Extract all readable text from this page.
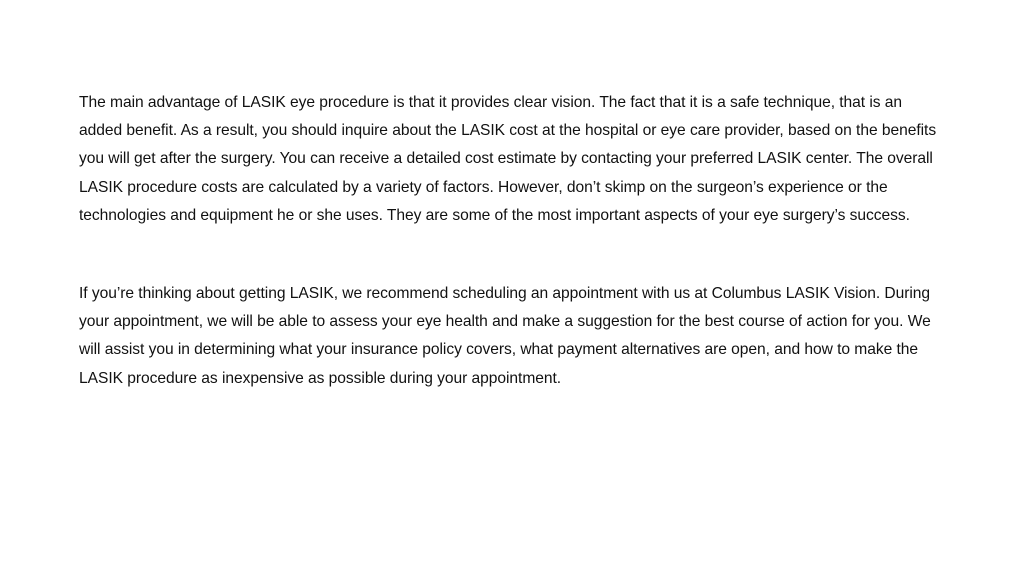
The main advantage of LASIK eye procedure is that it provides clear vision. The fact that it is a safe technique, that is an added benefit. As a result, you should inquire about the LASIK cost at the hospital or eye care provider, based on the benefits you will get after the surgery. You can receive a detailed cost estimate by contacting your preferred LASIK center. The overall LASIK procedure costs are calculated by a variety of factors. However, don’t skimp on the surgeon’s experience or the technologies and equipment he or she uses. They are some of the most important aspects of your eye surgery’s success.

If you’re thinking about getting LASIK, we recommend scheduling an appointment with us at Columbus LASIK Vision. During your appointment, we will be able to assess your eye health and make a suggestion for the best course of action for you. We will assist you in determining what your insurance policy covers, what payment alternatives are open, and how to make the LASIK procedure as inexpensive as possible during your appointment.
